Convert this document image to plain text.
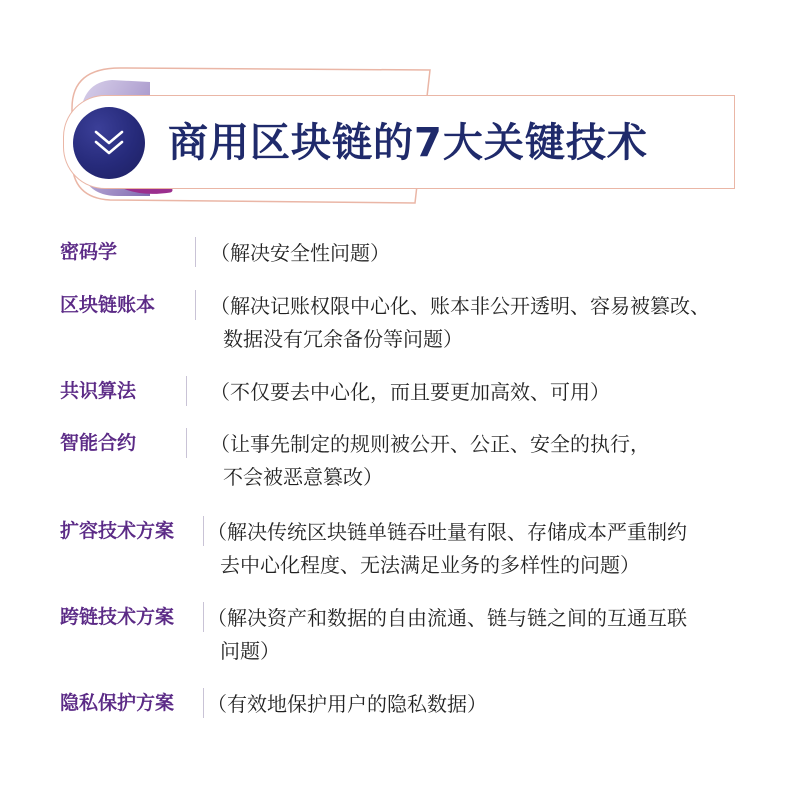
商用区块链的7大关键技术
密码学	（解决安全性问题）
区块链账本	（解决记账权限中心化、账本非公开透明、容易被篡改、
数据没有冗余备份等问题）
共识算法	（不仅要去中心化，而且要更加高效、可用）
智能合约	（让事先制定的规则被公开、公正、安全的执行，
不会被恶意篡改）
扩容技术方案 （解决传统区块链单链吞吐量有限、存储成本严重制约
去中心化程度、无法满足业务的多样性的问题）
跨链技术方案 （解决资产和数据的自由流通、链与链之间的互通互联
问题）
隐私保护方案 （有效地保护用户的隐私数据）
